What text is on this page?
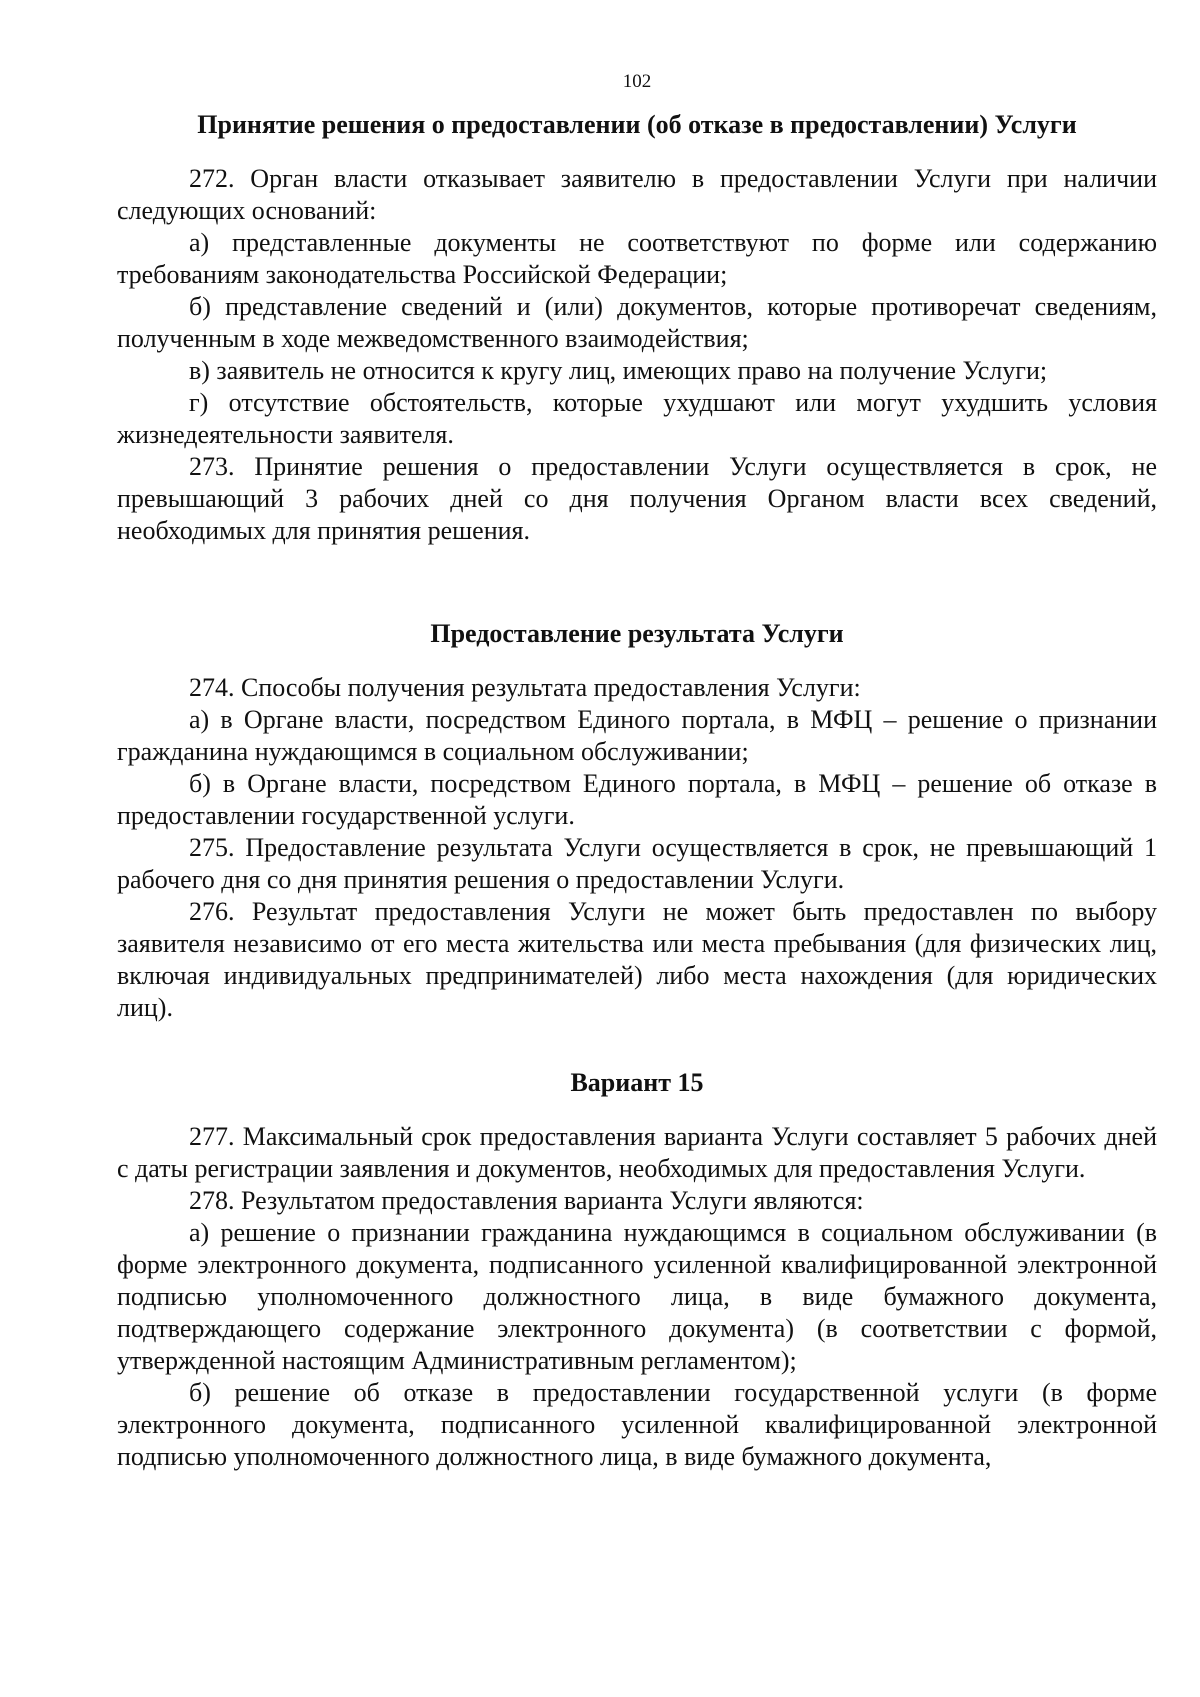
102
Принятие решения о предоставлении (об отказе в предоставлении) Услуги

272. Орган власти отказывает заявителю в предоставлении Услуги при наличии следующих оснований:

а) представленные документы не соответствуют по форме или содержанию требованиям законодательства Российской Федерации;

б) представление сведений и (или) документов, которые противоречат сведениям, полученным в ходе межведомственного взаимодействия;

в) заявитель не относится к кругу лиц, имеющих право на получение Услуги;

г) отсутствие обстоятельств, которые ухудшают или могут ухудшить условия жизнедеятельности заявителя.

273. Принятие решения о предоставлении Услуги осуществляется в срок, не превышающий 3 рабочих дней со дня получения Органом власти всех сведений, необходимых для принятия решения.

Предоставление результата Услуги

274. Способы получения результата предоставления Услуги:

а) в Органе власти, посредством Единого портала, в МФЦ – решение о признании гражданина нуждающимся в социальном обслуживании;

б) в Органе власти, посредством Единого портала, в МФЦ – решение об отказе в предоставлении государственной услуги.

275. Предоставление результата Услуги осуществляется в срок, не превышающий 1 рабочего дня со дня принятия решения о предоставлении Услуги.

276. Результат предоставления Услуги не может быть предоставлен по выбору заявителя независимо от его места жительства или места пребывания (для физических лиц, включая индивидуальных предпринимателей) либо места нахождения (для юридических лиц).

Вариант 15

277. Максимальный срок предоставления варианта Услуги составляет 5 рабочих дней с даты регистрации заявления и документов, необходимых для предоставления Услуги.

278. Результатом предоставления варианта Услуги являются:

а) решение о признании гражданина нуждающимся в социальном обслуживании (в форме электронного документа, подписанного усиленной квалифицированной электронной подписью уполномоченного должностного лица, в виде бумажного документа, подтверждающего содержание электронного документа) (в соответствии с формой, утвержденной настоящим Административным регламентом);

б) решение об отказе в предоставлении государственной услуги (в форме электронного документа, подписанного усиленной квалифицированной электронной подписью уполномоченного должностного лица, в виде бумажного документа,
